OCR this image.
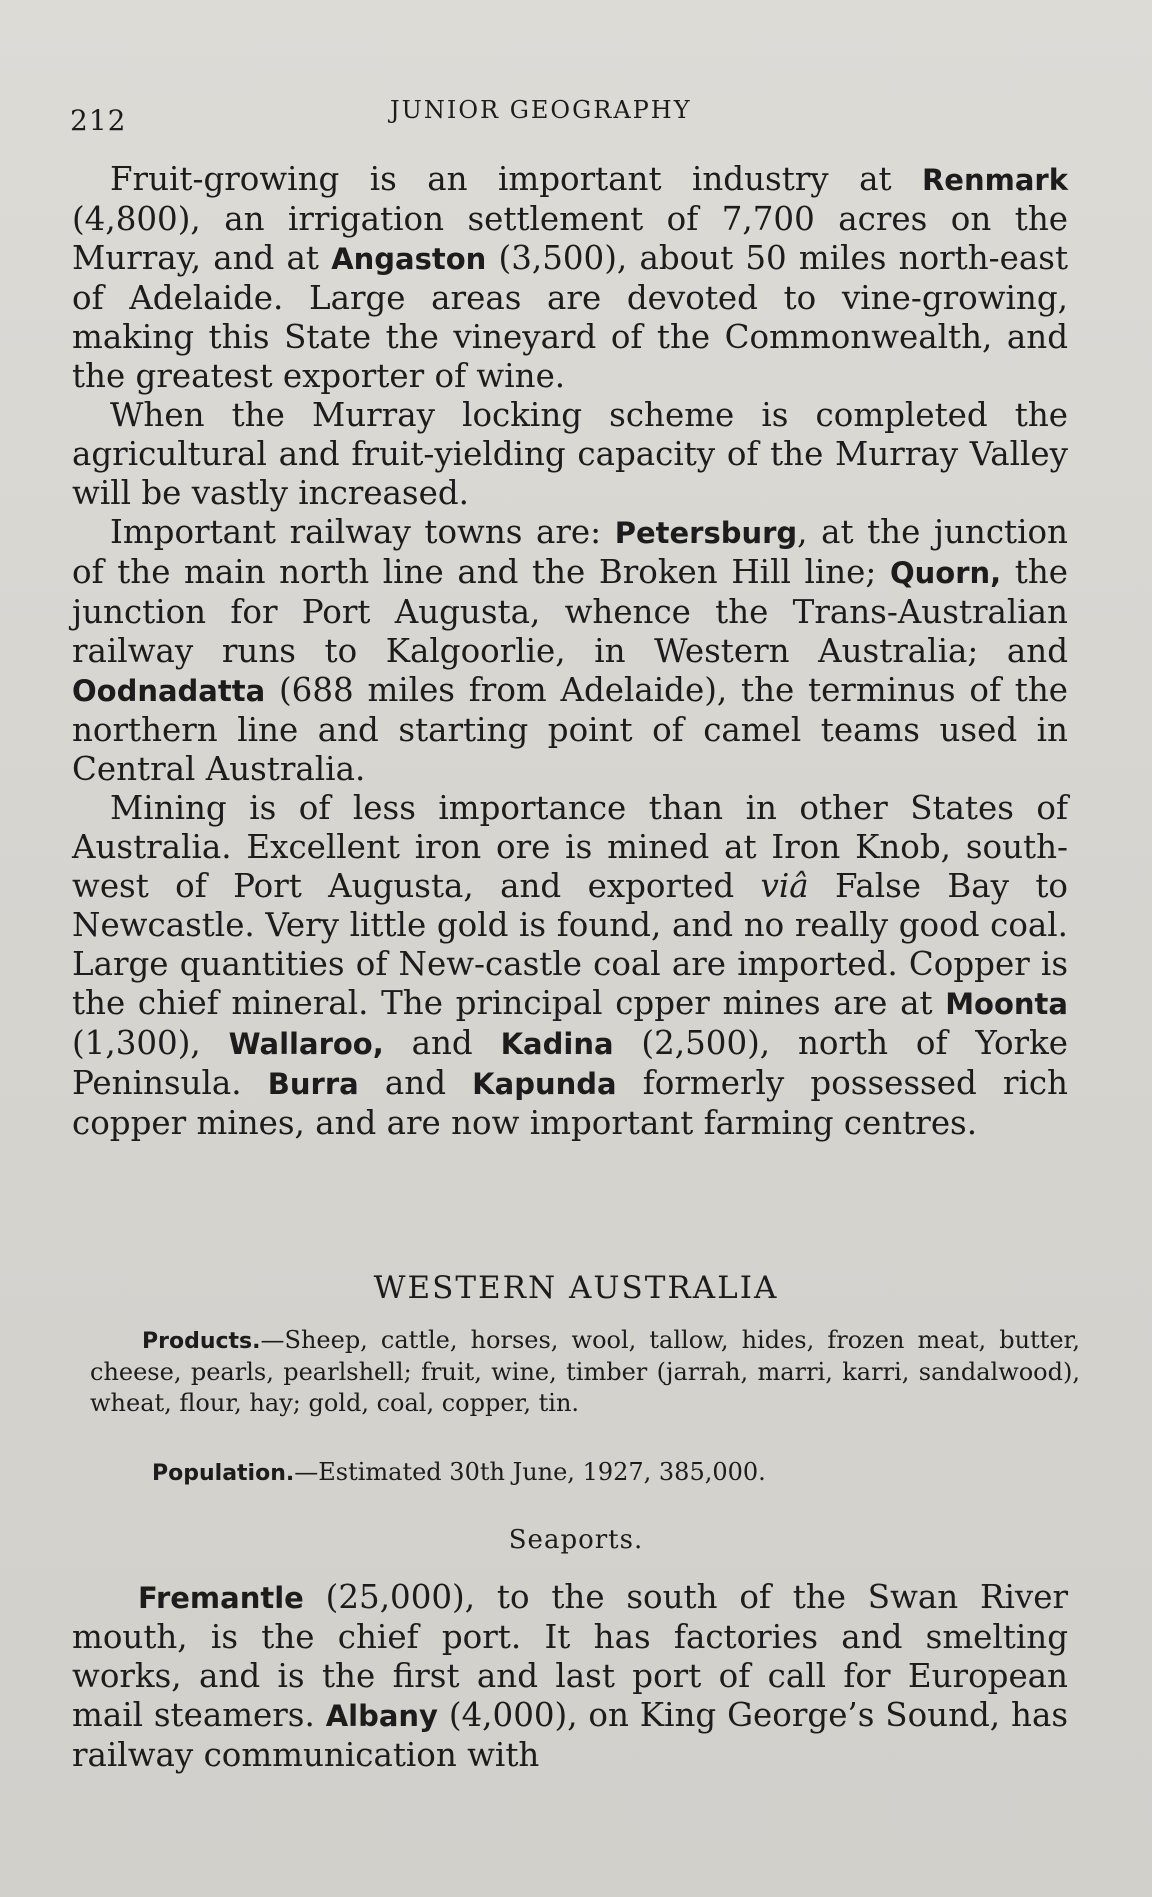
212	JUNIOR GEOGRAPHY

Fruit-growing is an important industry at Renmark (4,800), an irrigation settlement of 7,700 acres on the Murray, and at Angaston (3,500), about 50 miles north-east of Adelaide. Large areas are devoted to vine-growing, making this State the vineyard of the Commonwealth, and the greatest exporter of wine.

When the Murray locking scheme is completed the agricultural and fruit-yielding capacity of the Murray Valley will be vastly increased.

Important railway towns are: Petersburg, at the junction of the main north line and the Broken Hill line; Quorn, the junction for Port Augusta, whence the Trans-Australian railway runs to Kalgoorlie, in Western Australia; and Oodnadatta (688 miles from Adelaide), the terminus of the northern line and starting point of camel teams used in Central Australia.

Mining is of less importance than in other States of Australia. Excellent iron ore is mined at Iron Knob, south-west of Port Augusta, and exported viâ False Bay to Newcastle. Very little gold is found, and no really good coal. Large quantities of New-castle coal are imported. Copper is the chief mineral. The principal cpper mines are at Moonta (1,300), Wallaroo, and Kadina (2,500), north of Yorke Peninsula. Burra and Kapunda formerly possessed rich copper mines, and are now important farming centres.

WESTERN AUSTRALIA

Products.—Sheep, cattle, horses, wool, tallow, hides, frozen meat, butter, cheese, pearls, pearlshell; fruit, wine, timber (jarrah, marri, karri, sandalwood), wheat, flour, hay; gold, coal, copper, tin.

Population.—Estimated 30th June, 1927, 385,000.

Seaports.

Fremantle (25,000), to the south of the Swan River mouth, is the chief port. It has factories and smelting works, and is the first and last port of call for European mail steamers. Albany (4,000), on King George’s Sound, has railway communication with
